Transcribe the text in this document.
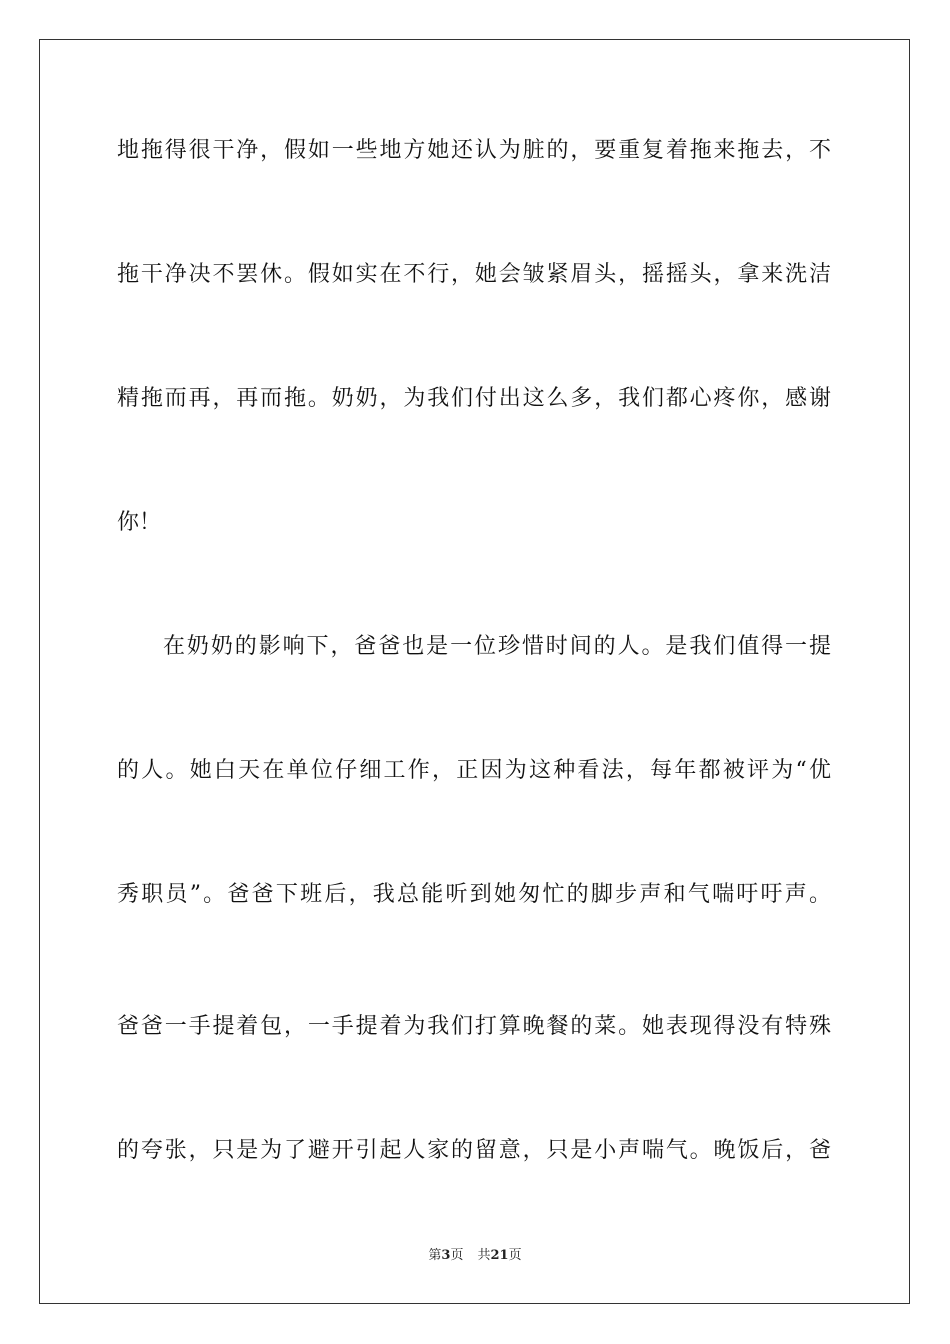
地拖得很干净，假如一些地方她还认为脏的，要重复着拖来拖去，不
拖干净决不罢休。假如实在不行，她会皱紧眉头，摇摇头，拿来洗洁
精拖而再，再而拖。奶奶，为我们付出这么多，我们都心疼你，感谢
你！
在奶奶的影响下，爸爸也是一位珍惜时间的人。是我们值得一提
的人。她白天在单位仔细工作，正因为这种看法，每年都被评为“优
秀职员”。爸爸下班后，我总能听到她匆忙的脚步声和气喘吁吁声。
爸爸一手提着包，一手提着为我们打算晚餐的菜。她表现得没有特殊
的夸张，只是为了避开引起人家的留意，只是小声喘气。晚饭后，爸
第3页 共21页
